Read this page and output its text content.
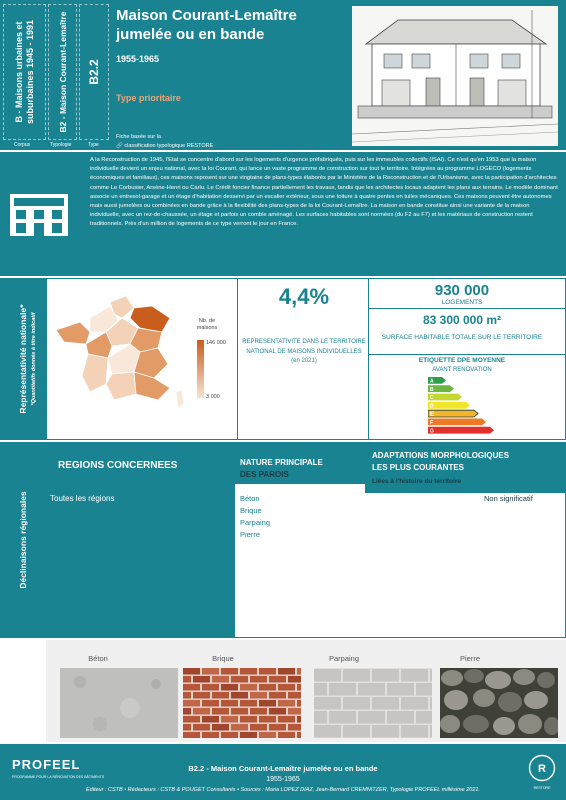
B - Maisons urbaines et suburbaines 1945 - 1991	B2 - Maison Courant-Lemaître B2.2
Corpus	Typologie	Type
Maison Courant-Lemaître jumelée ou en bande
1955-1965
Type prioritaire
Fiche basée sur la
🔗 classification typologique RESTORE
A la Reconstruction de 1945, l'Etat se concentre d'abord sur les logements d'urgence préfabriqués, puis sur les immeubles collectifs (ISAI). Ce n'est qu'en 1953 que la maison individuelle devient un enjeu national, avec la loi Courant, qui lance un vaste programme de construction sur tout le territoire. Intégrées au programme LOGECO (logements économiques et familiaux), ces maisons reposent sur une vingtaine de plans-types élaborés par le Ministère de la Reconstruction et de l'Urbanisme, avec la participation d'architectes comme Le Corbusier, Arsène-Henri ou Carlu. Le Crédit foncier finance partiellement les travaux, tandis que les architectes locaux adaptent les plans aux terrains. Le modèle dominant associe un entresol-garage et un étage d'habitation desservi par un escalier extérieur, sous une toiture à quatre pentes en tuiles mécaniques. Ces maisons peuvent être autonomes mais aussi jumelées ou combinées en bande grâce à la flexibilité des plans-types de la loi Courant-Lemaître. La maison en bande constitue ainsi une variante de la maison individuelle, avec un rez-de-chaussée, un étage et parfois un comble aménagé. Les surfaces habitables sont normées (du F2 au F7) et les matériaux de construction restent traditionnels. Près d'un million de logements de ce type verront le jour en France.
Représentativité nationale* *Quantitatifs donnés à titre indicatif	Nb. de maisons
146 000
3 000
4,4%
REPRESENTATIVITE DANS LE TERRITOIRE NATIONAL DE MAISONS INDIVIDUELLES
(en 2021)
930 000
LOGEMENTS
83 300 000 m²
SURFACE HABITABLE TOTALE SUR LE TERRITOIRE
ETIQUETTE DPE MOYENNE
AVANT RENOVATION
A
B
C
D
E
F
G
Déclinaisons régionales
REGIONS CONCERNEES
Toutes les régions
NATURE PRINCIPALE
DES PAROIS
Béton
Brique
Parpaing
Pierre
ADAPTATIONS MORPHOLOGIQUES
LES PLUS COURANTES
Liées à l'histoire du territoire
Non significatif
Béton	Brique	Parpaing	Pierre
PROFEEL
PROGRAMME POUR LA RÉNOVATION DES BÂTIMENTS
B2.2 - Maison Courant-Lemaître jumelée ou en bande
1955-1965
Editeur : CSTB • Rédacteurs : CSTB & POUGET Consultants • Sources : Maria LOPEZ DIAZ, Jean-Bernard CREMNITZER, Typologie PROFEEL millésime 2021.
R
RESTORE
